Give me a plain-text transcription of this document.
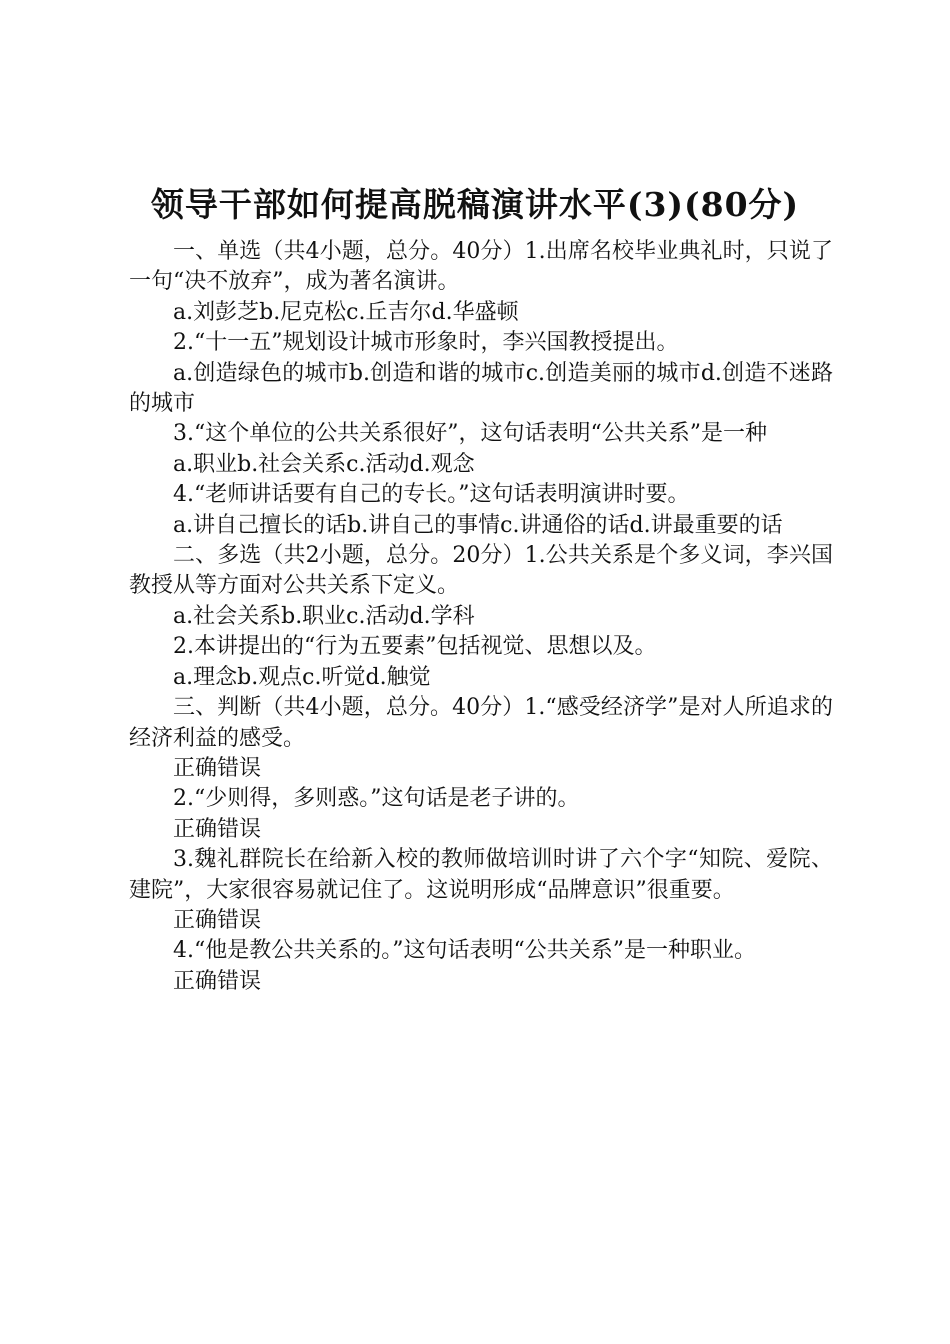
领导干部如何提高脱稿演讲水平(3)(80分)

一、单选（共4小题，总分。40分）1.出席名校毕业典礼时，只说了一句“决不放弃”，成为著名演讲。

a.刘彭芝b.尼克松c.丘吉尔d.华盛顿

2.“十一五”规划设计城市形象时，李兴国教授提出。

a.创造绿色的城市b.创造和谐的城市c.创造美丽的城市d.创造不迷路的城市

3.“这个单位的公共关系很好”，这句话表明“公共关系”是一种

a.职业b.社会关系c.活动d.观念

4.“老师讲话要有自己的专长。”这句话表明演讲时要。

a.讲自己擅长的话b.讲自己的事情c.讲通俗的话d.讲最重要的话

二、多选（共2小题，总分。20分）1.公共关系是个多义词，李兴国教授从等方面对公共关系下定义。

a.社会关系b.职业c.活动d.学科

2.本讲提出的“行为五要素”包括视觉、思想以及。

a.理念b.观点c.听觉d.触觉

三、判断（共4小题，总分。40分）1.“感受经济学”是对人所追求的经济利益的感受。

正确错误

2.“少则得，多则惑。”这句话是老子讲的。

正确错误

3.魏礼群院长在给新入校的教师做培训时讲了六个字“知院、爱院、建院”，大家很容易就记住了。这说明形成“品牌意识”很重要。

正确错误

4.“他是教公共关系的。”这句话表明“公共关系”是一种职业。

正确错误
